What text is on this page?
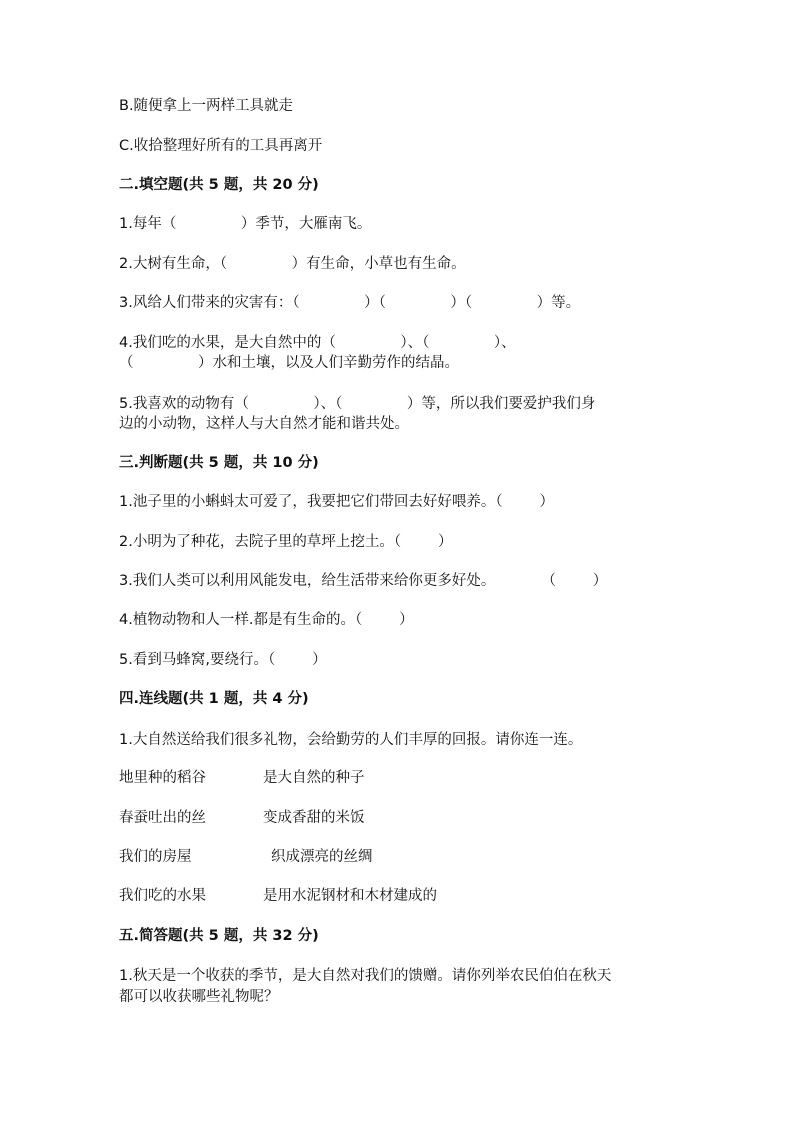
B.随便拿上一两样工具就走

C.收拾整理好所有的工具再离开

二.填空题(共 5 题，共 20 分)

1.每年（              ）季节，大雁南飞。

2.大树有生命，（              ）有生命，小草也有生命。

3.风给人们带来的灾害有：（              ）（              ）（              ）等。

4.我们吃的水果，是大自然中的（              ）、（              ）、

（              ）水和土壤，以及人们辛勤劳作的结晶。

5.我喜欢的动物有（              ）、（              ）等，所以我们要爱护我们身

边的小动物，这样人与大自然才能和谐共处。

三.判断题(共 5 题，共 10 分)

1.池子里的小蝌蚪太可爱了，我要把它们带回去好好喂养。（        ）

2.小明为了种花，去院子里的草坪上挖土。（        ）

3.我们人类可以利用风能发电，给生活带来给你更多好处。          （        ）

4.植物动物和人一样.都是有生命的。（        ）

5.看到马蜂窝,要绕行。（        ）

四.连线题(共 1 题，共 4 分)

1.大自然送给我们很多礼物，会给勤劳的人们丰厚的回报。请你连一连。

地里种的稻谷	是大自然的种子

春蚕吐出的丝	变成香甜的米饭

我们的房屋	织成漂亮的丝绸

我们吃的水果	是用水泥钢材和木材建成的

五.简答题(共 5 题，共 32 分)

1.秋天是一个收获的季节，是大自然对我们的馈赠。请你列举农民伯伯在秋天

都可以收获哪些礼物呢？
